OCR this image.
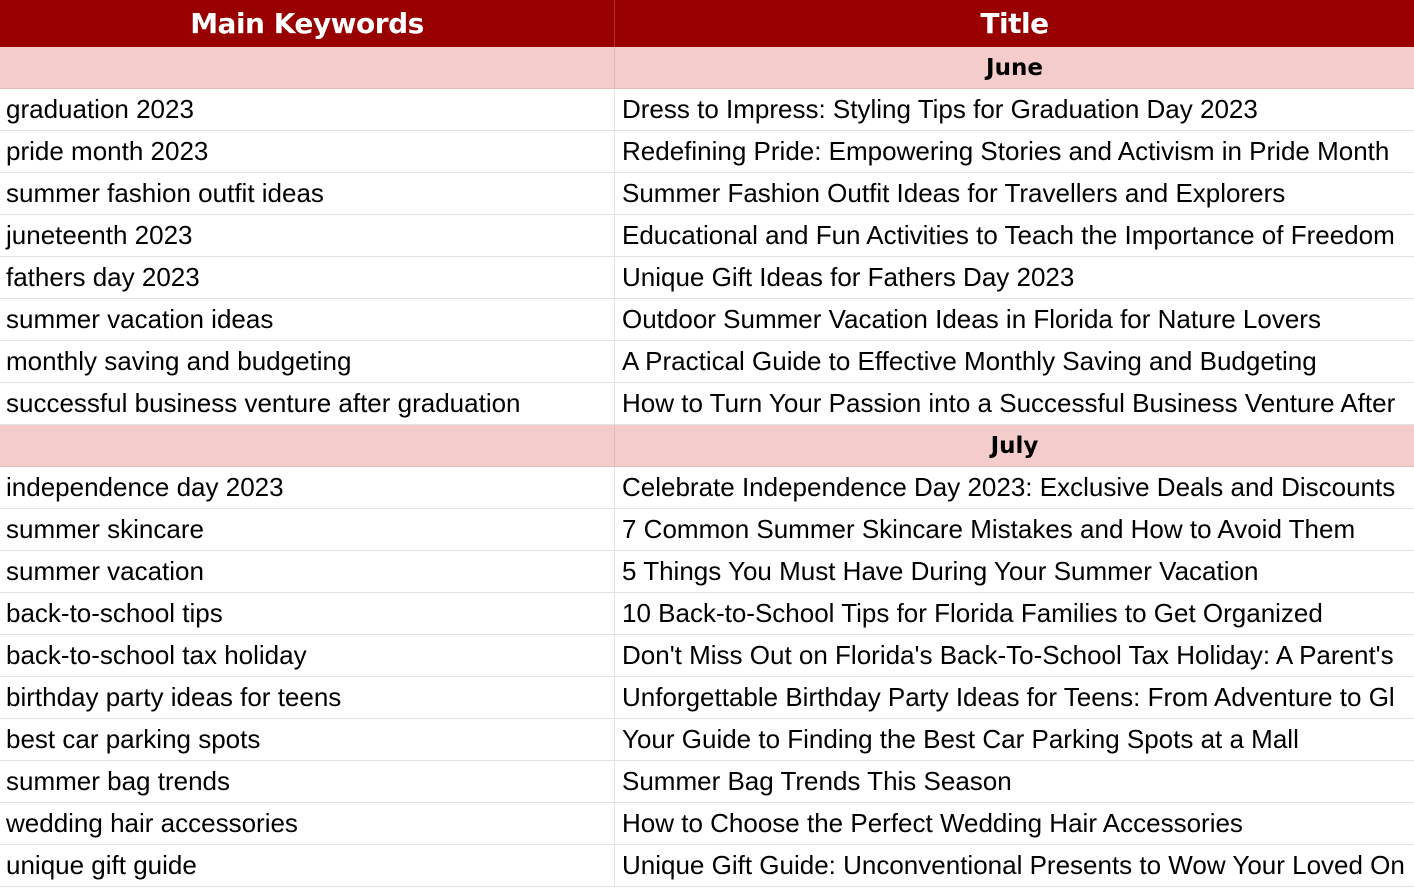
Main Keywords	Title
June
graduation 2023	Dress to Impress: Styling Tips for Graduation Day 2023
pride month 2023	Redefining Pride: Empowering Stories and Activism in Pride Month
summer fashion outfit ideas	Summer Fashion Outfit Ideas for Travellers and Explorers
juneteenth 2023	Educational and Fun Activities to Teach the Importance of Freedom
fathers day 2023	Unique Gift Ideas for Fathers Day 2023
summer vacation ideas	Outdoor Summer Vacation Ideas in Florida for Nature Lovers
monthly saving and budgeting	A Practical Guide to Effective Monthly Saving and Budgeting
successful business venture after graduation	How to Turn Your Passion into a Successful Business Venture After
July
independence day 2023	Celebrate Independence Day 2023: Exclusive Deals and Discounts
summer skincare	7 Common Summer Skincare Mistakes and How to Avoid Them
summer vacation	5 Things You Must Have During Your Summer Vacation
back-to-school tips	10 Back-to-School Tips for Florida Families to Get Organized
back-to-school tax holiday	Don't Miss Out on Florida's Back-To-School Tax Holiday: A Parent's
birthday party ideas for teens	Unforgettable Birthday Party Ideas for Teens: From Adventure to Gl
best car parking spots	Your Guide to Finding the Best Car Parking Spots at a Mall
summer bag trends	Summer Bag Trends This Season
wedding hair accessories	How to Choose the Perfect Wedding Hair Accessories
unique gift guide	Unique Gift Guide: Unconventional Presents to Wow Your Loved On
